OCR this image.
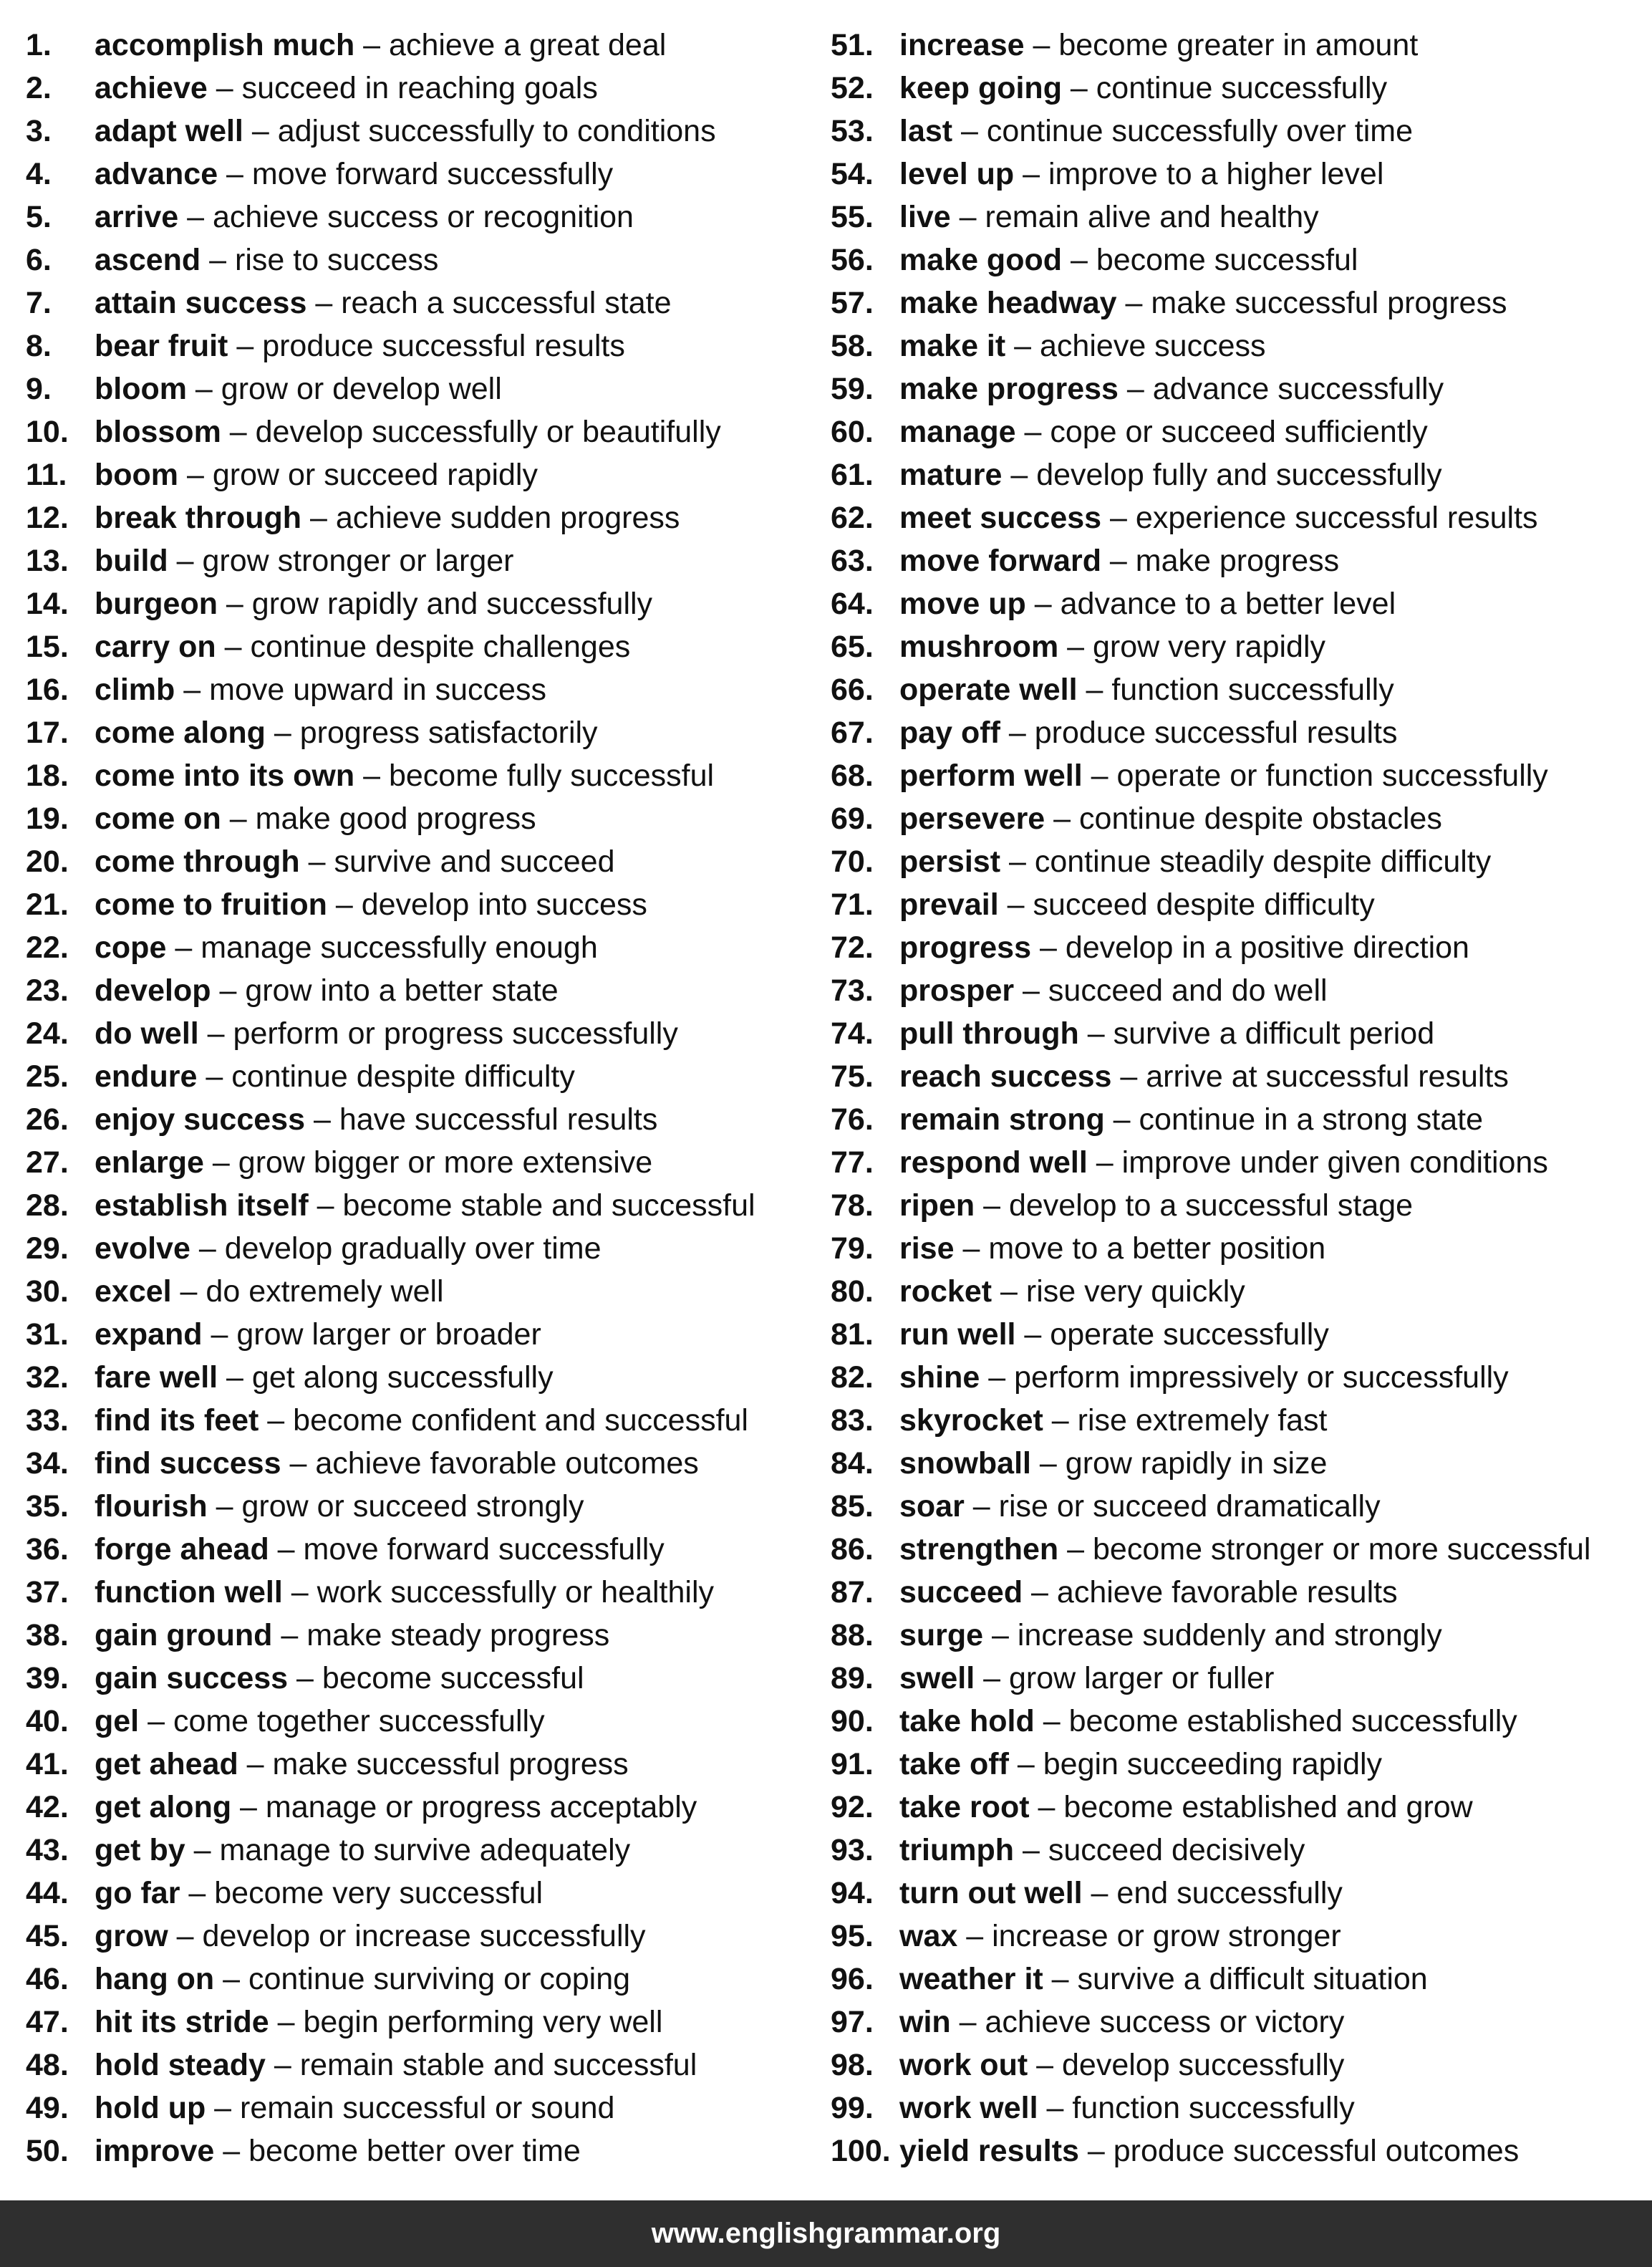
1. accomplish much – achieve a great deal
2. achieve – succeed in reaching goals
3. adapt well – adjust successfully to conditions
4. advance – move forward successfully
5. arrive – achieve success or recognition
6. ascend – rise to success
7. attain success – reach a successful state
8. bear fruit – produce successful results
9. bloom – grow or develop well
10. blossom – develop successfully or beautifully
11. boom – grow or succeed rapidly
12. break through – achieve sudden progress
13. build – grow stronger or larger
14. burgeon – grow rapidly and successfully
15. carry on – continue despite challenges
16. climb – move upward in success
17. come along – progress satisfactorily
18. come into its own – become fully successful
19. come on – make good progress
20. come through – survive and succeed
21. come to fruition – develop into success
22. cope – manage successfully enough
23. develop – grow into a better state
24. do well – perform or progress successfully
25. endure – continue despite difficulty
26. enjoy success – have successful results
27. enlarge – grow bigger or more extensive
28. establish itself – become stable and successful
29. evolve – develop gradually over time
30. excel – do extremely well
31. expand – grow larger or broader
32. fare well – get along successfully
33. find its feet – become confident and successful
34. find success – achieve favorable outcomes
35. flourish – grow or succeed strongly
36. forge ahead – move forward successfully
37. function well – work successfully or healthily
38. gain ground – make steady progress
39. gain success – become successful
40. gel – come together successfully
41. get ahead – make successful progress
42. get along – manage or progress acceptably
43. get by – manage to survive adequately
44. go far – become very successful
45. grow – develop or increase successfully
46. hang on – continue surviving or coping
47. hit its stride – begin performing very well
48. hold steady – remain stable and successful
49. hold up – remain successful or sound
50. improve – become better over time
51. increase – become greater in amount
52. keep going – continue successfully
53. last – continue successfully over time
54. level up – improve to a higher level
55. live – remain alive and healthy
56. make good – become successful
57. make headway – make successful progress
58. make it – achieve success
59. make progress – advance successfully
60. manage – cope or succeed sufficiently
61. mature – develop fully and successfully
62. meet success – experience successful results
63. move forward – make progress
64. move up – advance to a better level
65. mushroom – grow very rapidly
66. operate well – function successfully
67. pay off – produce successful results
68. perform well – operate or function successfully
69. persevere – continue despite obstacles
70. persist – continue steadily despite difficulty
71. prevail – succeed despite difficulty
72. progress – develop in a positive direction
73. prosper – succeed and do well
74. pull through – survive a difficult period
75. reach success – arrive at successful results
76. remain strong – continue in a strong state
77. respond well – improve under given conditions
78. ripen – develop to a successful stage
79. rise – move to a better position
80. rocket – rise very quickly
81. run well – operate successfully
82. shine – perform impressively or successfully
83. skyrocket – rise extremely fast
84. snowball – grow rapidly in size
85. soar – rise or succeed dramatically
86. strengthen – become stronger or more successful
87. succeed – achieve favorable results
88. surge – increase suddenly and strongly
89. swell – grow larger or fuller
90. take hold – become established successfully
91. take off – begin succeeding rapidly
92. take root – become established and grow
93. triumph – succeed decisively
94. turn out well – end successfully
95. wax – increase or grow stronger
96. weather it – survive a difficult situation
97. win – achieve success or victory
98. work out – develop successfully
99. work well – function successfully
100. yield results – produce successful outcomes
www.englishgrammar.org
